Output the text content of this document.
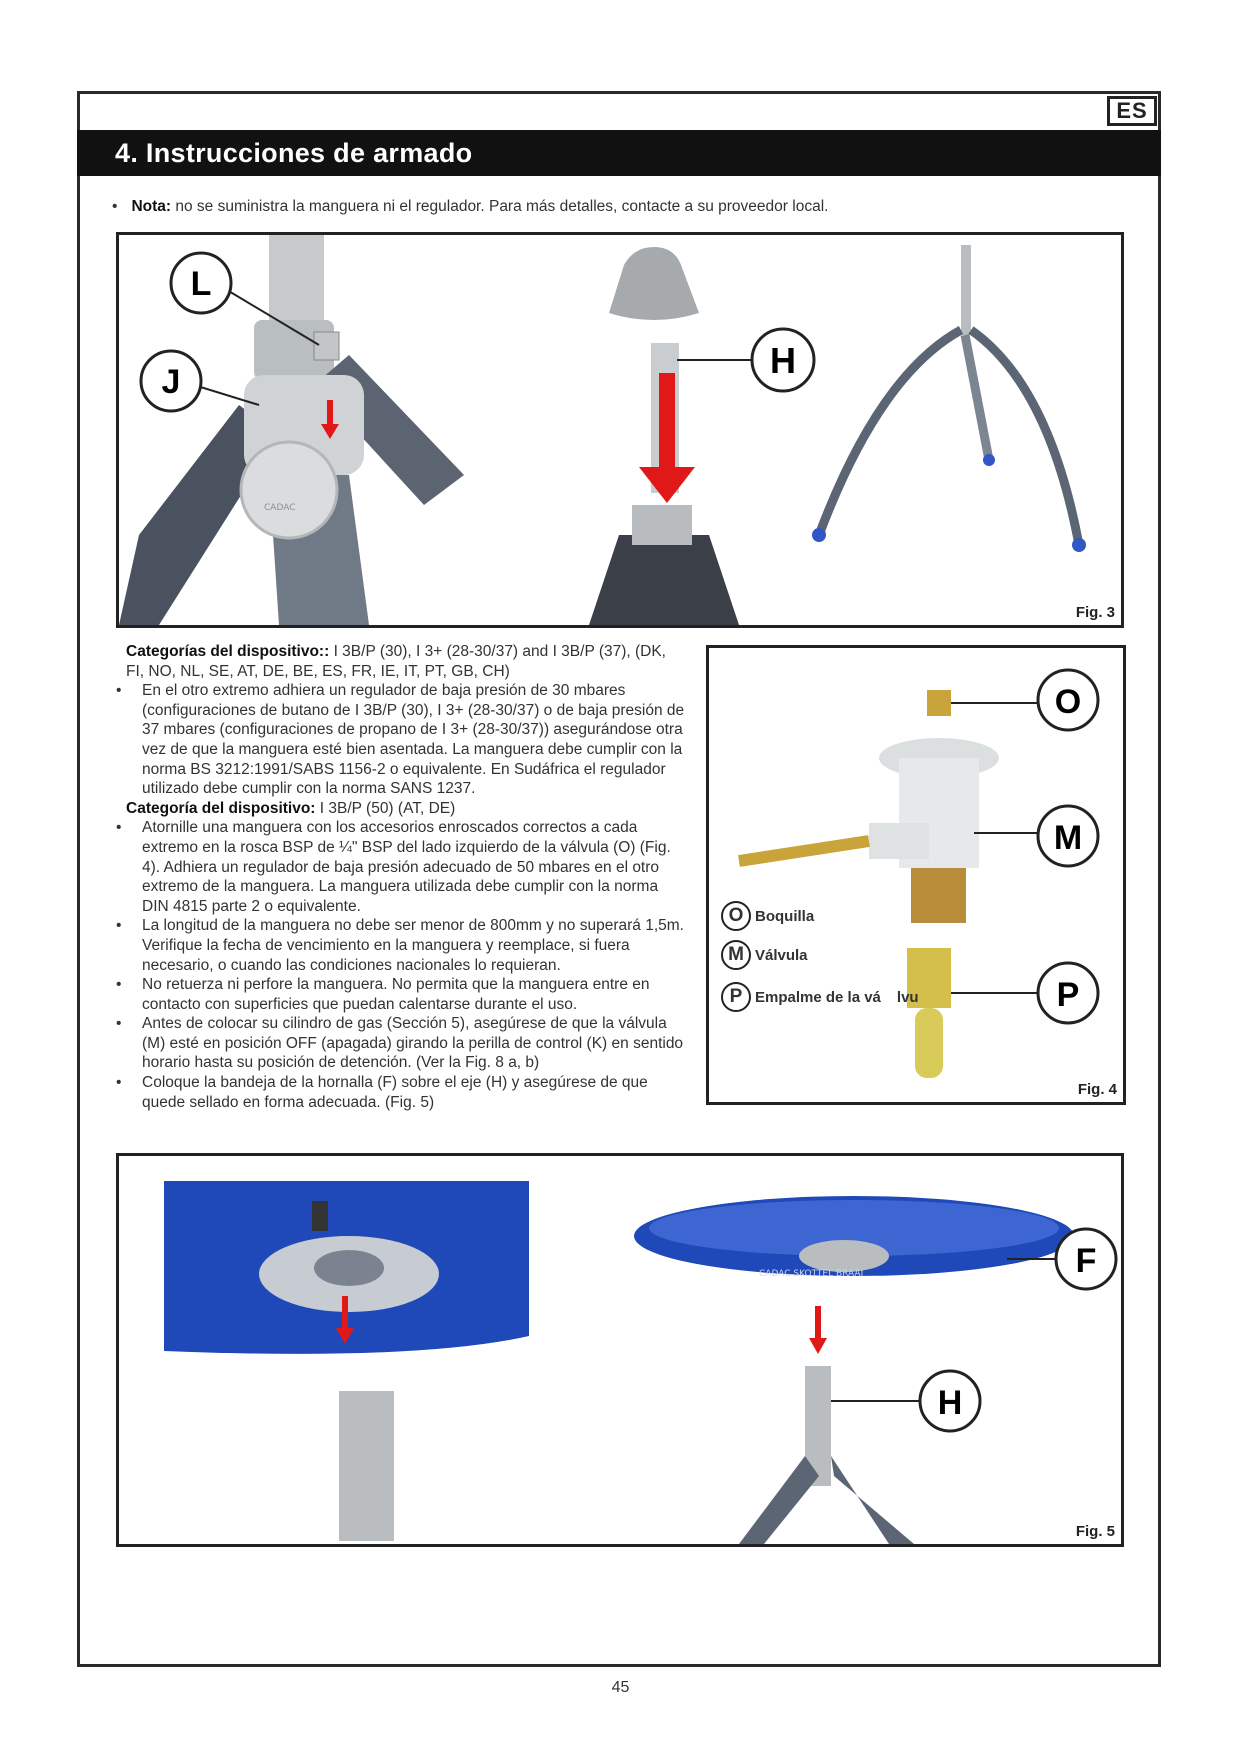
ES
4. Instrucciones de armado
• Nota: no se suministra la manguera ni el regulador. Para más detalles, contacte a su proveedor local.
CADAC
L
J
H
Fig. 3
Categorías del dispositivo:: I 3B/P (30), I 3+ (28-30/37) and I 3B/P (37), (DK, FI, NO, NL, SE, AT, DE, BE, ES, FR, IE, IT, PT, GB, CH)
• En el otro extremo adhiera un regulador de baja presión de 30 mbares (configuraciones de butano de I 3B/P (30), I 3+ (28-30/37) o de baja presión de 37 mbares (configuraciones de propano de I 3+ (28-30/37)) asegurándose otra vez de que la manguera esté bien asentada. La manguera debe cumplir con la norma BS 3212:1991/SABS 1156-2 o equivalente. En Sudáfrica el regulador utilizado debe cumplir con la norma SANS 1237.
Categoría del dispositivo: I 3B/P (50) (AT, DE)
• Atornille una manguera con los accesorios enroscados correctos a cada extremo en la rosca BSP de ¼" BSP del lado izquierdo de la válvula (O) (Fig. 4). Adhiera un regulador de baja presión adecuado de 50 mbares en el otro extremo de la manguera. La manguera utilizada debe cumplir con la norma DIN 4815 parte 2 o equivalente.
• La longitud de la manguera no debe ser menor de 800mm y no superará 1,5m. Verifique la fecha de vencimiento en la manguera y reemplace, si fuera necesario, o cuando las condiciones nacionales lo requieran.
• No retuerza ni perfore la manguera. No permita que la manguera entre en contacto con superficies que puedan calentarse durante el uso.
• Antes de colocar su cilindro de gas (Sección 5), asegúrese de que la válvula (M) esté en posición OFF (apagada) girando la perilla de control (K) en sentido horario hasta su posición de detención. (Ver la Fig. 8 a, b)
• Coloque la bandeja de la hornalla (F) sobre el eje (H) y asegúrese de que quede sellado en forma adecuada. (Fig. 5)
O
M
P
O Boquilla
M Válvula
P Empalme de la vá lvu
Fig. 4
CADAC SKOTTEL BRAAI	F
H
Fig. 5
45
